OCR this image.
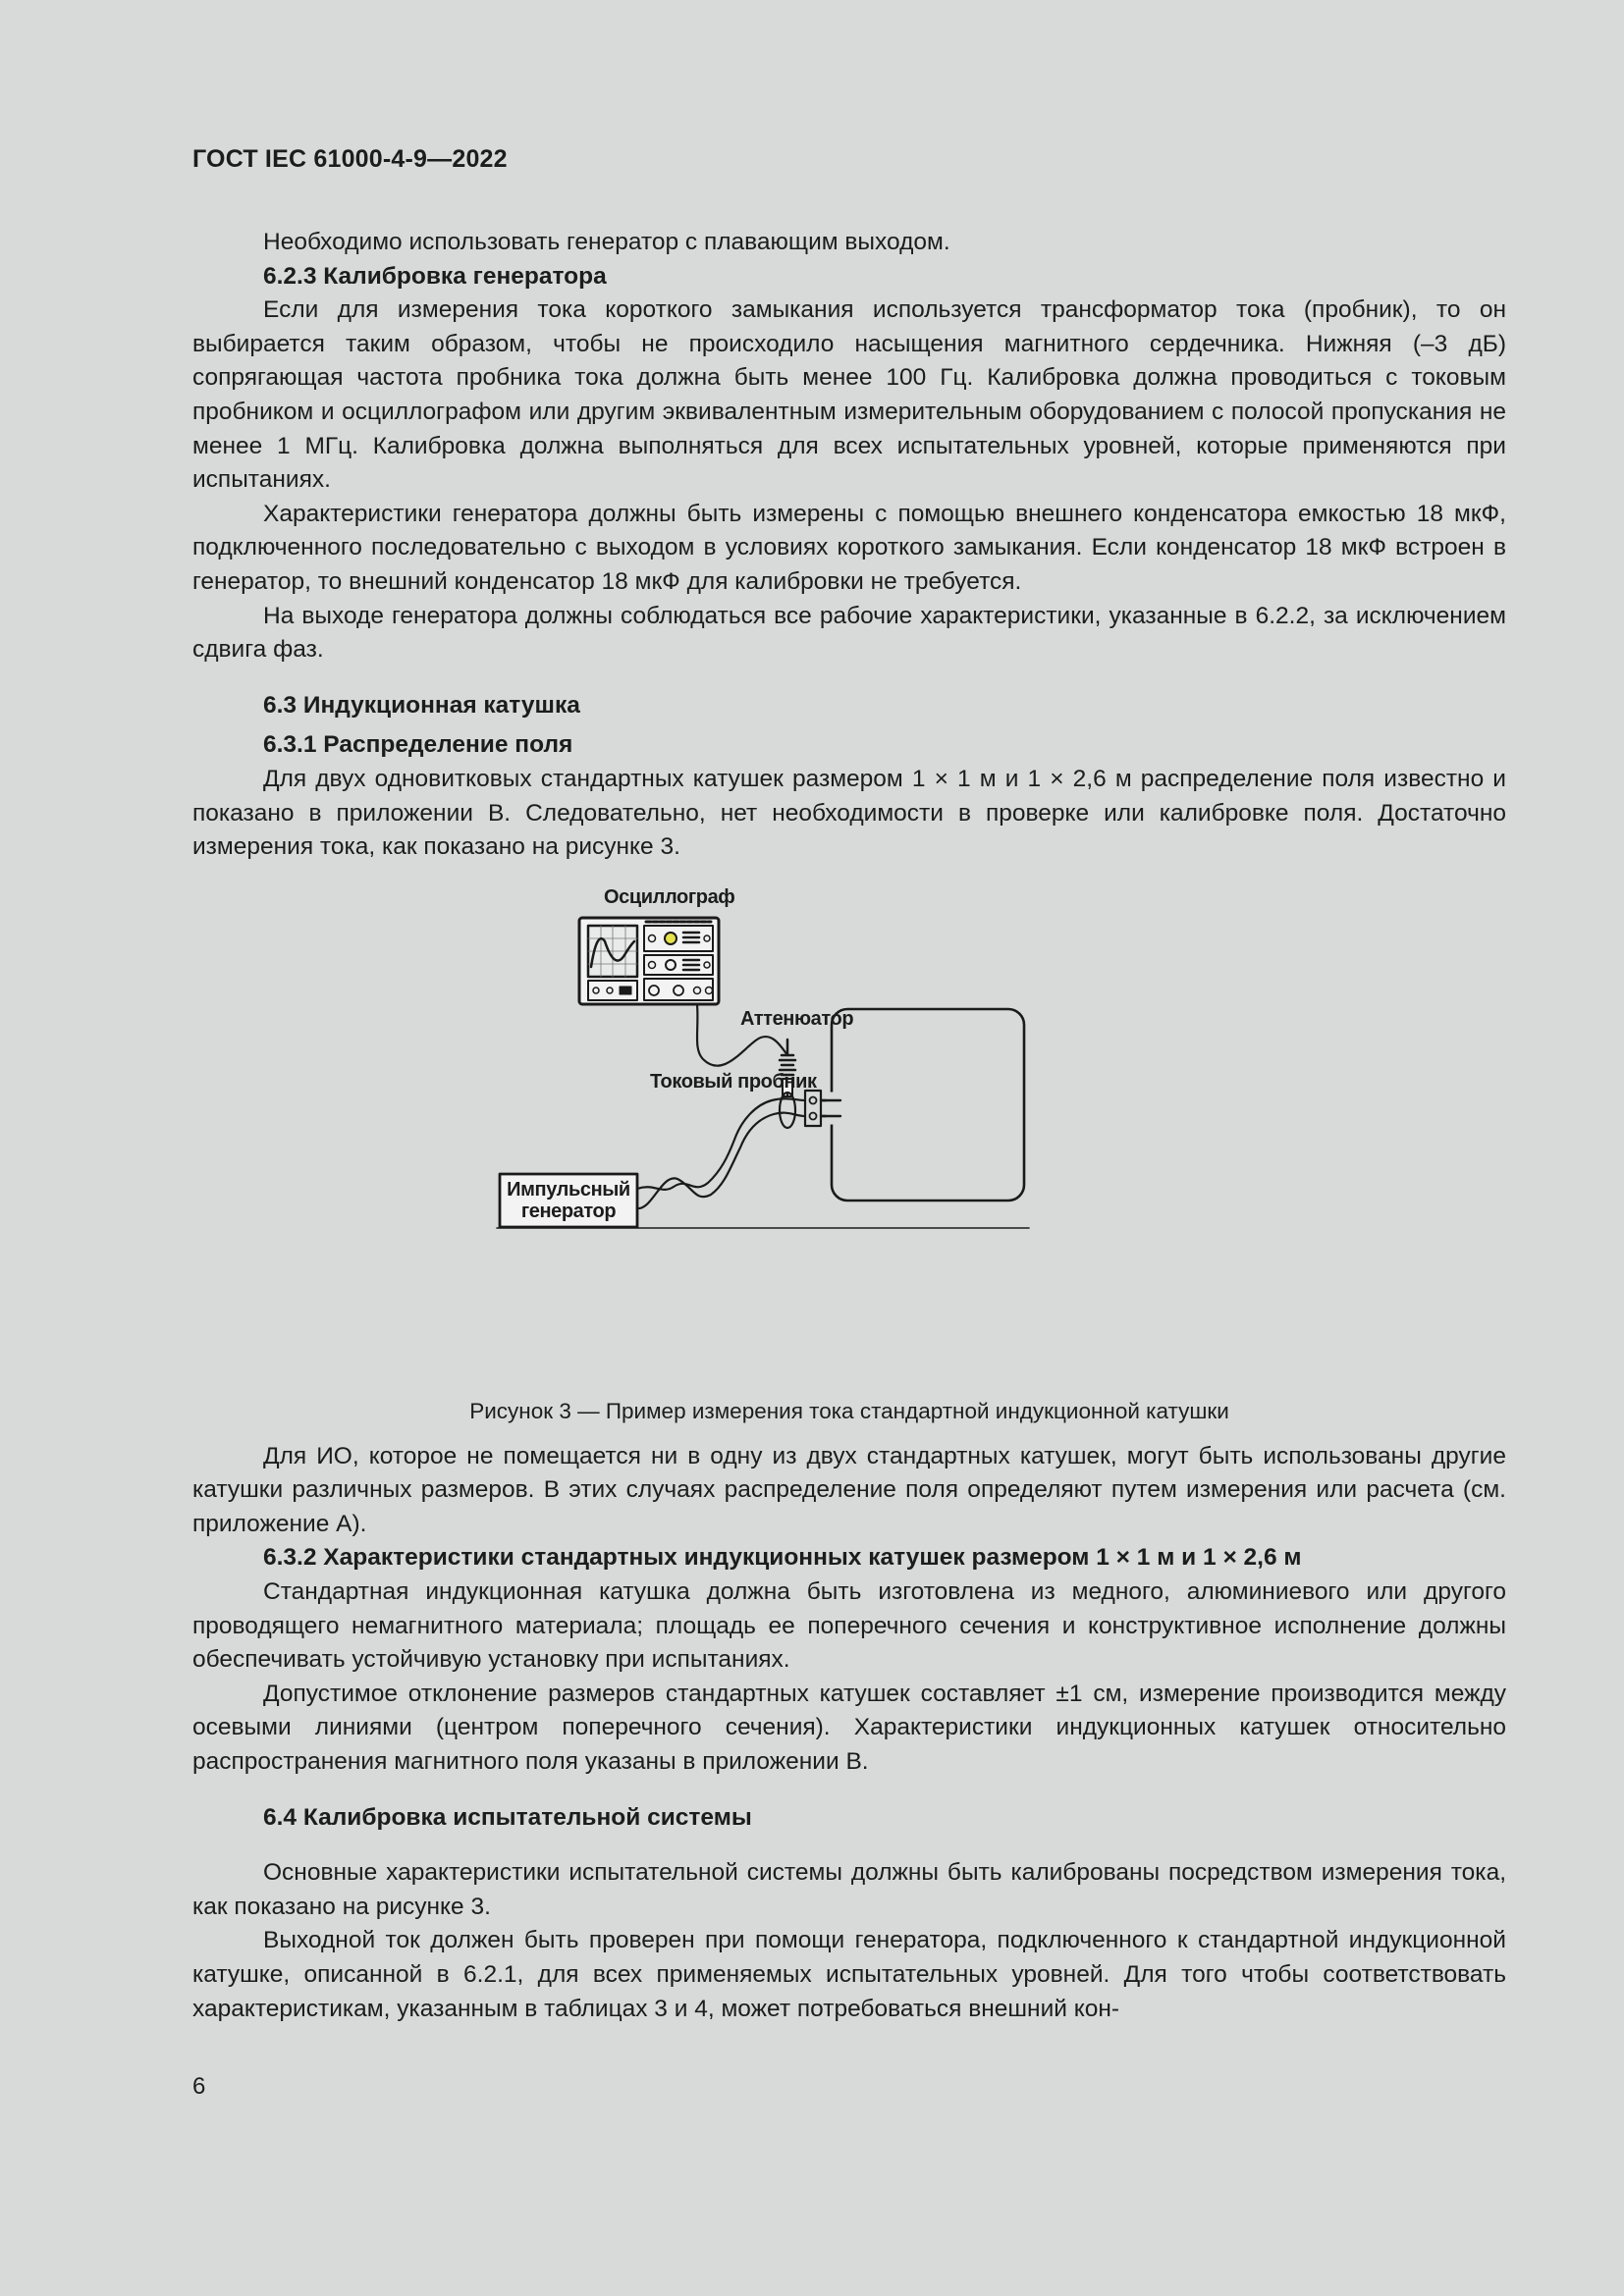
ГОСТ IEC 61000-4-9—2022

Необходимо использовать генератор с плавающим выходом.

6.2.3 Калибровка генератора

Если для измерения тока короткого замыкания используется трансформатор тока (пробник), то он выбирается таким образом, чтобы не происходило насыщения магнитного сердечника. Нижняя (–3 дБ) сопрягающая частота пробника тока должна быть менее 100 Гц. Калибровка должна проводиться с токовым пробником и осциллографом или другим эквивалентным измерительным оборудованием с полосой пропускания не менее 1 МГц. Калибровка должна выполняться для всех испытательных уровней, которые применяются при испытаниях.

Характеристики генератора должны быть измерены с помощью внешнего конденсатора емкостью 18 мкФ, подключенного последовательно с выходом в условиях короткого замыкания. Если конденсатор 18 мкФ встроен в генератор, то внешний конденсатор 18 мкФ для калибровки не требуется.

На выходе генератора должны соблюдаться все рабочие характеристики, указанные в 6.2.2, за исключением сдвига фаз.

6.3 Индукционная катушка

6.3.1 Распределение поля

Для двух одновитковых стандартных катушек размером 1 × 1 м и 1 × 2,6 м распределение поля известно и показано в приложении В. Следовательно, нет необходимости в проверке или калибровке поля. Достаточно измерения тока, как показано на рисунке 3.

Осциллограф
Аттенюатор
Токовый пробник
Импульсный
генератор
Рисунок 3 — Пример измерения тока стандартной индукционной катушки

Для ИО, которое не помещается ни в одну из двух стандартных катушек, могут быть использованы другие катушки различных размеров. В этих случаях распределение поля определяют путем измерения или расчета (см. приложение А).

6.3.2 Характеристики стандартных индукционных катушек размером 1 × 1 м и 1 × 2,6 м

Стандартная индукционная катушка должна быть изготовлена из медного, алюминиевого или другого проводящего немагнитного материала; площадь ее поперечного сечения и конструктивное исполнение должны обеспечивать устойчивую установку при испытаниях.

Допустимое отклонение размеров стандартных катушек составляет ±1 см, измерение производится между осевыми линиями (центром поперечного сечения). Характеристики индукционных катушек относительно распространения магнитного поля указаны в приложении В.

6.4 Калибровка испытательной системы

Основные характеристики испытательной системы должны быть калиброваны посредством измерения тока, как показано на рисунке 3.

Выходной ток должен быть проверен при помощи генератора, подключенного к стандартной индукционной катушке, описанной в 6.2.1, для всех применяемых испытательных уровней. Для того чтобы соответствовать характеристикам, указанным в таблицах 3 и 4, может потребоваться внешний кон-

6
